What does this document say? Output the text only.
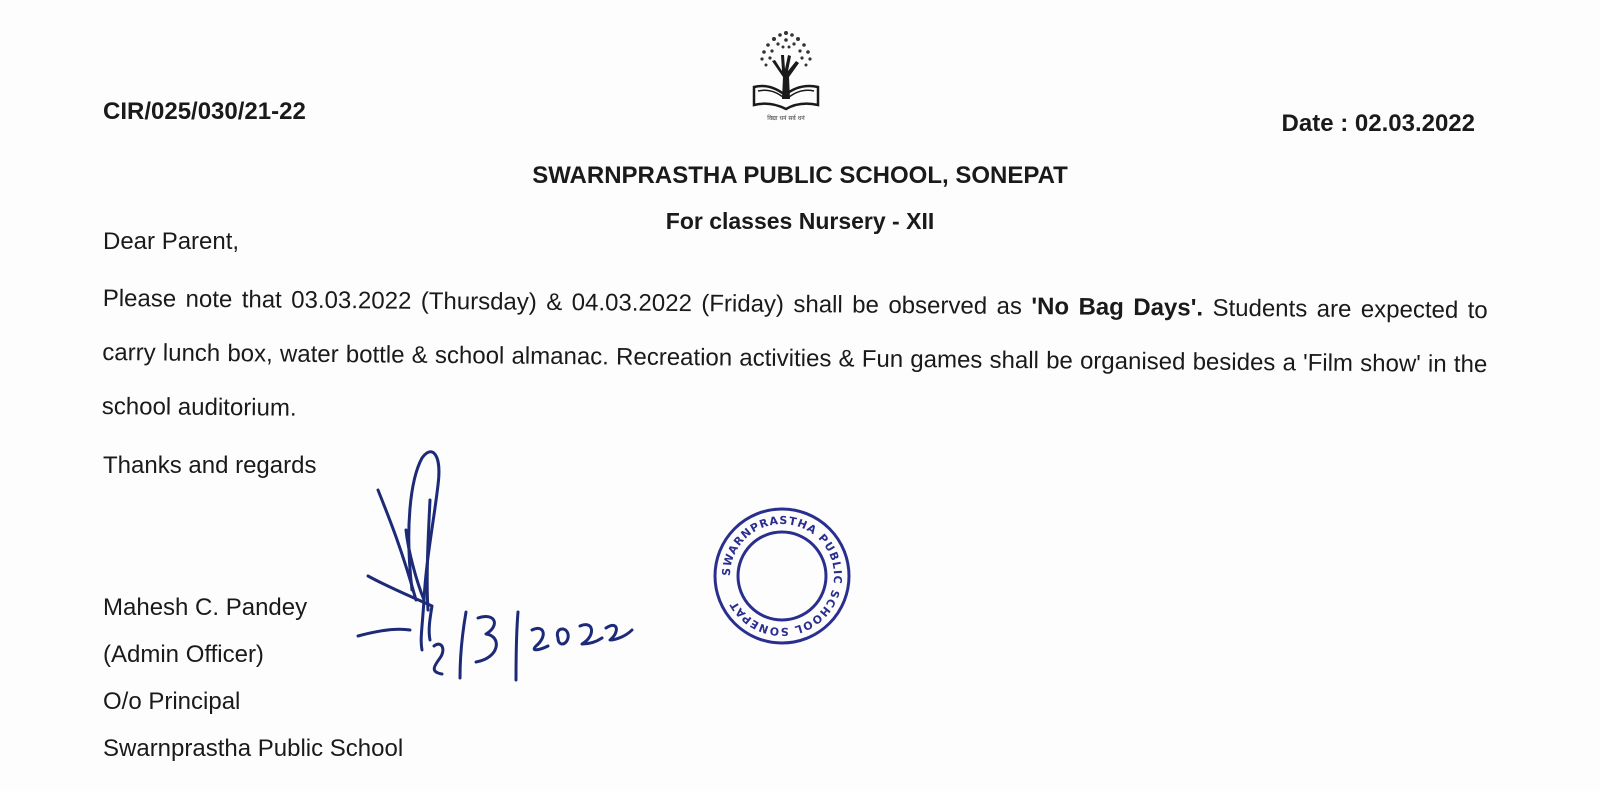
विद्या धनं सर्व धनं
CIR/025/030/21-22	Date : 02.03.2022
SWARNPRASTHA PUBLIC SCHOOL, SONEPAT
For classes Nursery - XII
Dear Parent,
Please note that 03.03.2022 (Thursday) & 04.03.2022 (Friday) shall be observed as 'No Bag Days'. Students are expected to carry lunch box, water bottle & school almanac. Recreation activities & Fun games shall be organised besides a 'Film show' in the school auditorium.
Thanks and regards
Mahesh C. Pandey
(Admin Officer)
O/o Principal
Swarnprastha Public School
2/3/2022
SWARNPRASTHA PUBLIC SCHOOL SONEPAT
